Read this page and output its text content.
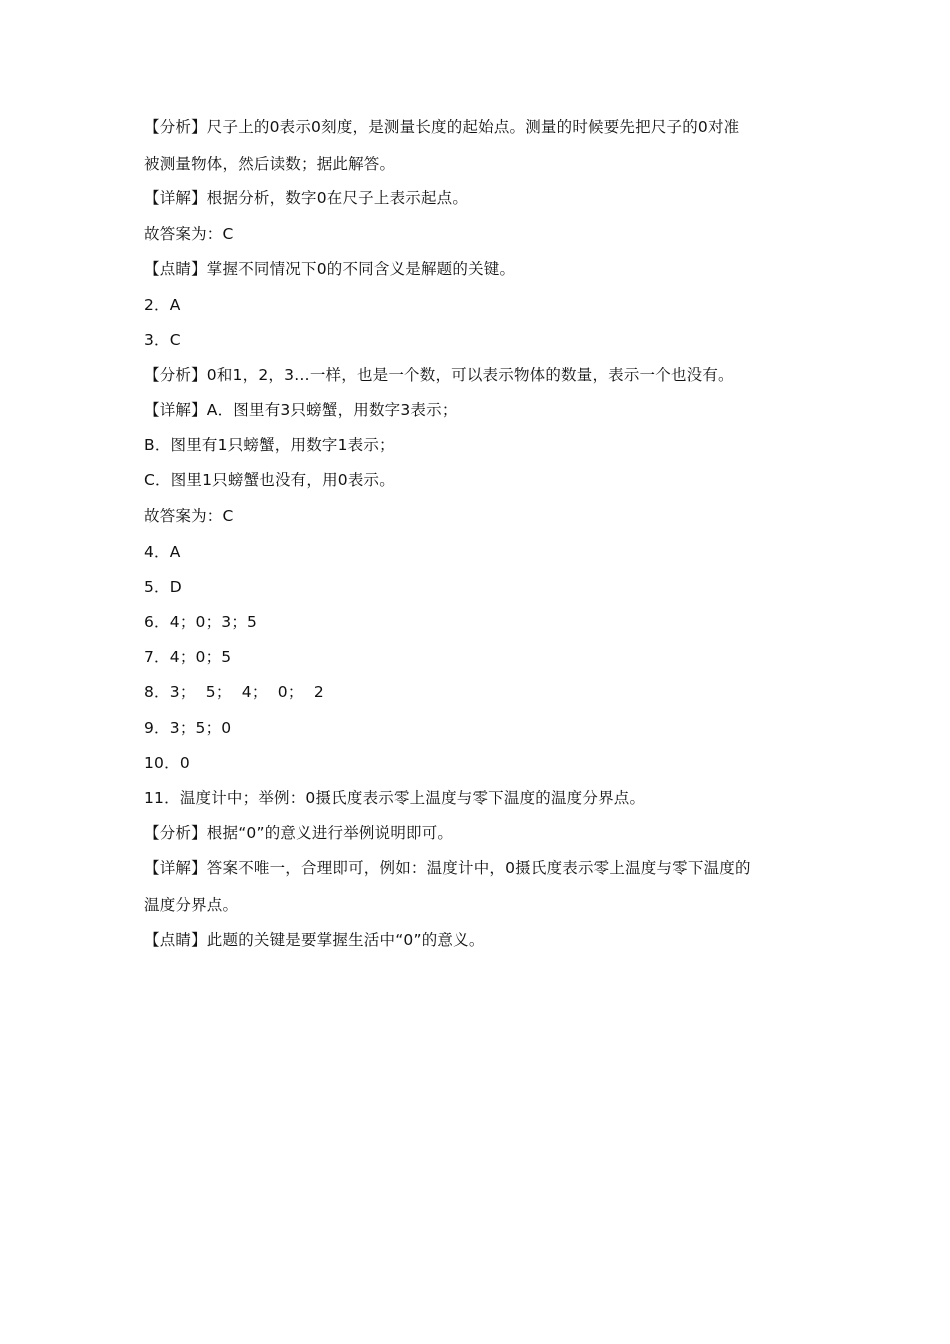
【分析】尺子上的0表示0刻度，是测量长度的起始点。测量的时候要先把尺子的0对准
被测量物体，然后读数；据此解答。
【详解】根据分析，数字0在尺子上表示起点。
故答案为：C
【点睛】掌握不同情况下0的不同含义是解题的关键。
2．A
3．C
【分析】0和1，2，3…一样，也是一个数，可以表示物体的数量，表示一个也没有。
【详解】A．图里有3只螃蟹，用数字3表示；
B．图里有1只螃蟹，用数字1表示；
C．图里1只螃蟹也没有，用0表示。
故答案为：C
4．A
5．D
6．4；0；3；5
7．4；0；5
8．3；  5；  4；  0；  2
9．3；5；0
10．0
11．温度计中；举例：0摄氏度表示零上温度与零下温度的温度分界点。
【分析】根据“0”的意义进行举例说明即可。
【详解】答案不唯一，合理即可，例如：温度计中，0摄氏度表示零上温度与零下温度的
温度分界点。
【点睛】此题的关键是要掌握生活中“0”的意义。
